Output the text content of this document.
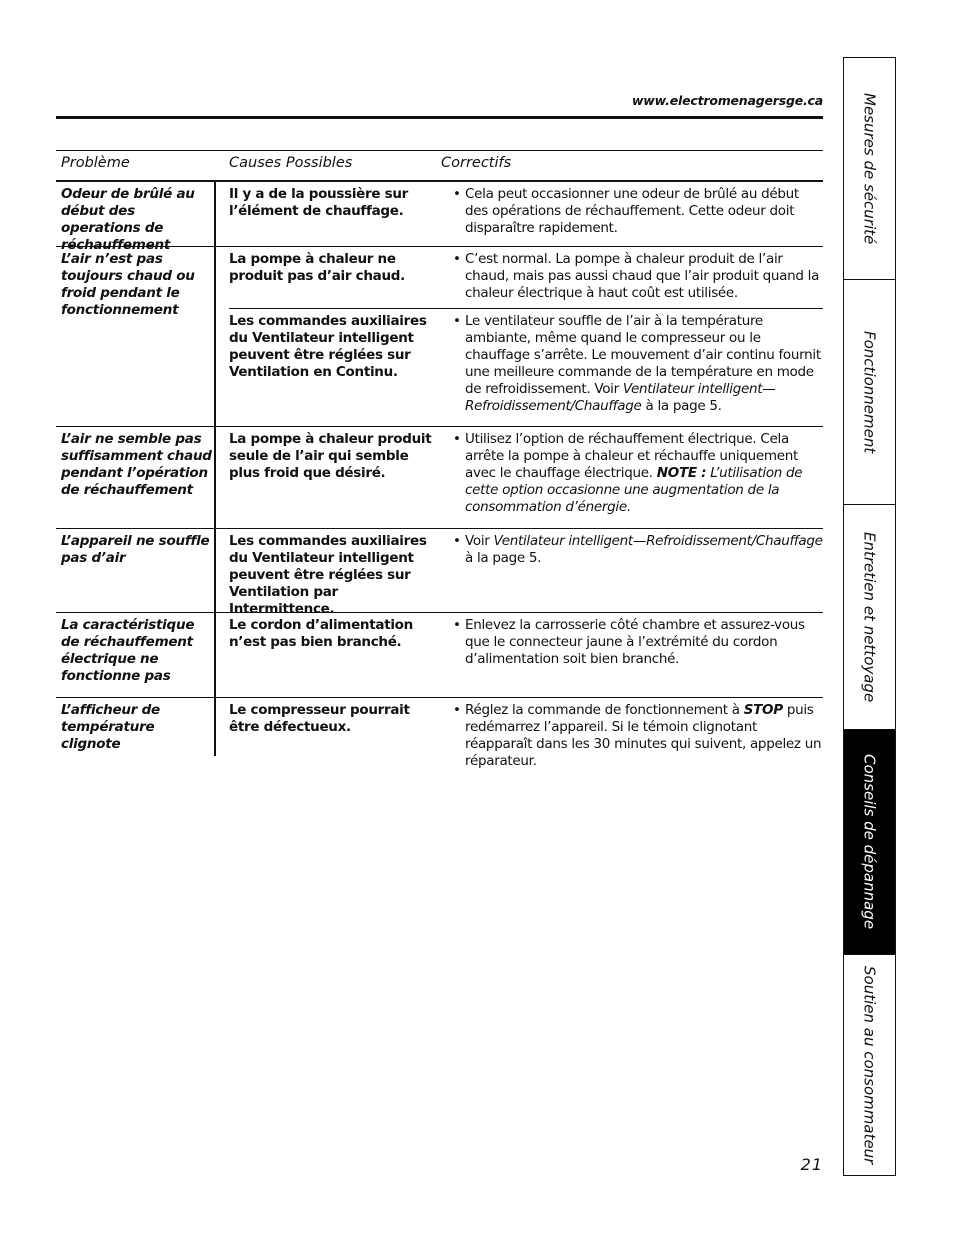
www.electromenagersge.ca
Problème	Causes Possibles	Correctifs
Odeur de brûlé au début des operations de réchauffement
Il y a de la poussière sur l’élément de chauffage.
• Cela peut occasionner une odeur de brûlé au début des opérations de réchauffement. Cette odeur doit disparaître rapidement.
L’air n’est pas toujours chaud ou froid pendant le fonctionnement
La pompe à chaleur ne produit pas d’air chaud.
• C’est normal. La pompe à chaleur produit de l’air chaud, mais pas aussi chaud que l’air produit quand la chaleur électrique à haut coût est utilisée.
Les commandes auxiliaires du Ventilateur intelligent peuvent être réglées sur Ventilation en Continu.
• Le ventilateur souffle de l’air à la température ambiante, même quand le compresseur ou le chauffage s’arrête. Le mouvement d’air continu fournit une meilleure commande de la température en mode de refroidissement. Voir Ventilateur intelligent—Refroidissement/Chauffage à la page 5.
L’air ne semble pas suffisamment chaud pendant l’opération de réchauffement
La pompe à chaleur produit seule de l’air qui semble plus froid que désiré.
• Utilisez l’option de réchauffement électrique. Cela arrête la pompe à chaleur et réchauffe uniquement avec le chauffage électrique. NOTE : L’utilisation de cette option occasionne une augmentation de la consommation d’énergie.
L’appareil ne souffle pas d’air
Les commandes auxiliaires du Ventilateur intelligent peuvent être réglées sur Ventilation par Intermittence.
• Voir Ventilateur intelligent—Refroidissement/Chauffage à la page 5.
La caractéristique de réchauffement électrique ne fonctionne pas
Le cordon d’alimentation n’est pas bien branché.
• Enlevez la carrosserie côté chambre et assurez-vous que le connecteur jaune à l’extrémité du cordon d’alimentation soit bien branché.
L’afficheur de température clignote
Le compresseur pourrait être défectueux.
• Réglez la commande de fonctionnement à STOP puis redémarrez l’appareil. Si le témoin clignotant réapparaît dans les 30 minutes qui suivent, appelez un réparateur.
Mesures de sécurité
Fonctionnement
Entretien et nettoyage
Conseils de dépannage
Soutien au consommateur
21
